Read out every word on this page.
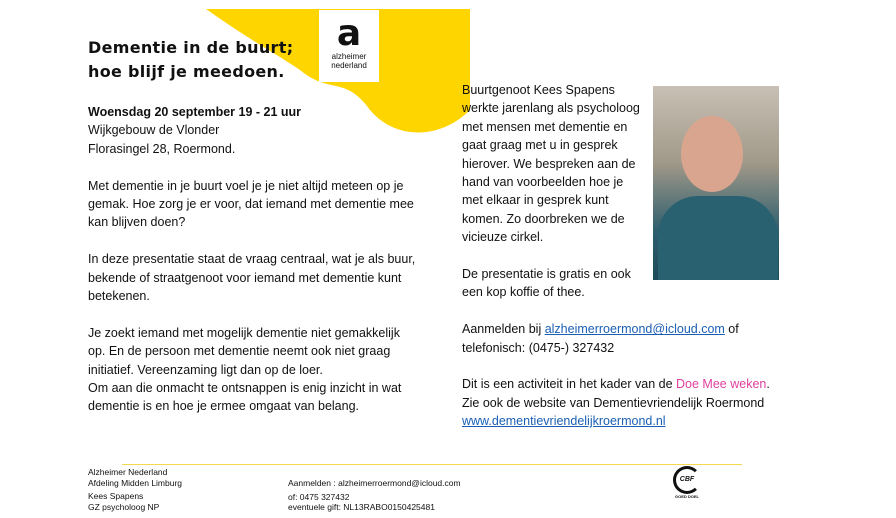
a
alzheimer
nederland
Dementie in de buurt;
hoe blijf je meedoen.
Woensdag 20 september 19 - 21 uur
Wijkgebouw de Vlonder

Florasingel 28, Roermond.

Met dementie in je buurt voel je je niet altijd meteen op je gemak. Hoe zorg je er voor, dat iemand met dementie mee kan blijven doen?

In deze presentatie staat de vraag centraal, wat je als buur, bekende of straatgenoot voor iemand met dementie kunt betekenen.

Je zoekt iemand met mogelijk dementie niet gemakkelijk op. En de persoon met dementie neemt ook niet graag initiatief. Vereenzaming ligt dan op de loer.
Om aan die onmacht te ontsnappen is enig inzicht in wat dementie is en hoe je ermee omgaat van belang.

Buurtgenoot Kees Spapens werkte jarenlang als psycholoog met mensen met dementie en gaat graag met u in gesprek hierover. We bespreken aan de hand van voorbeelden hoe je met elkaar in gesprek kunt komen. Zo doorbreken we de vicieuze cirkel.

De presentatie is gratis en ook een kop koffie of thee.

Aanmelden bij alzheimerroermond@icloud.com of telefonisch: (0475-) 327432

Dit is een activiteit in het kader van de Doe Mee weken.
Zie ook de website van Dementievriendelijk Roermond
www.dementievriendelijkroermond.nl
Alzheimer Nederland
Afdeling Midden Limburg
Kees Spapens
GZ psycholoog NP
Aanmelden : alzheimerroermond@icloud.com
of: 0475 327432
eventuele gift: NL13RABO0150425481
CBF
GOED DOEL
